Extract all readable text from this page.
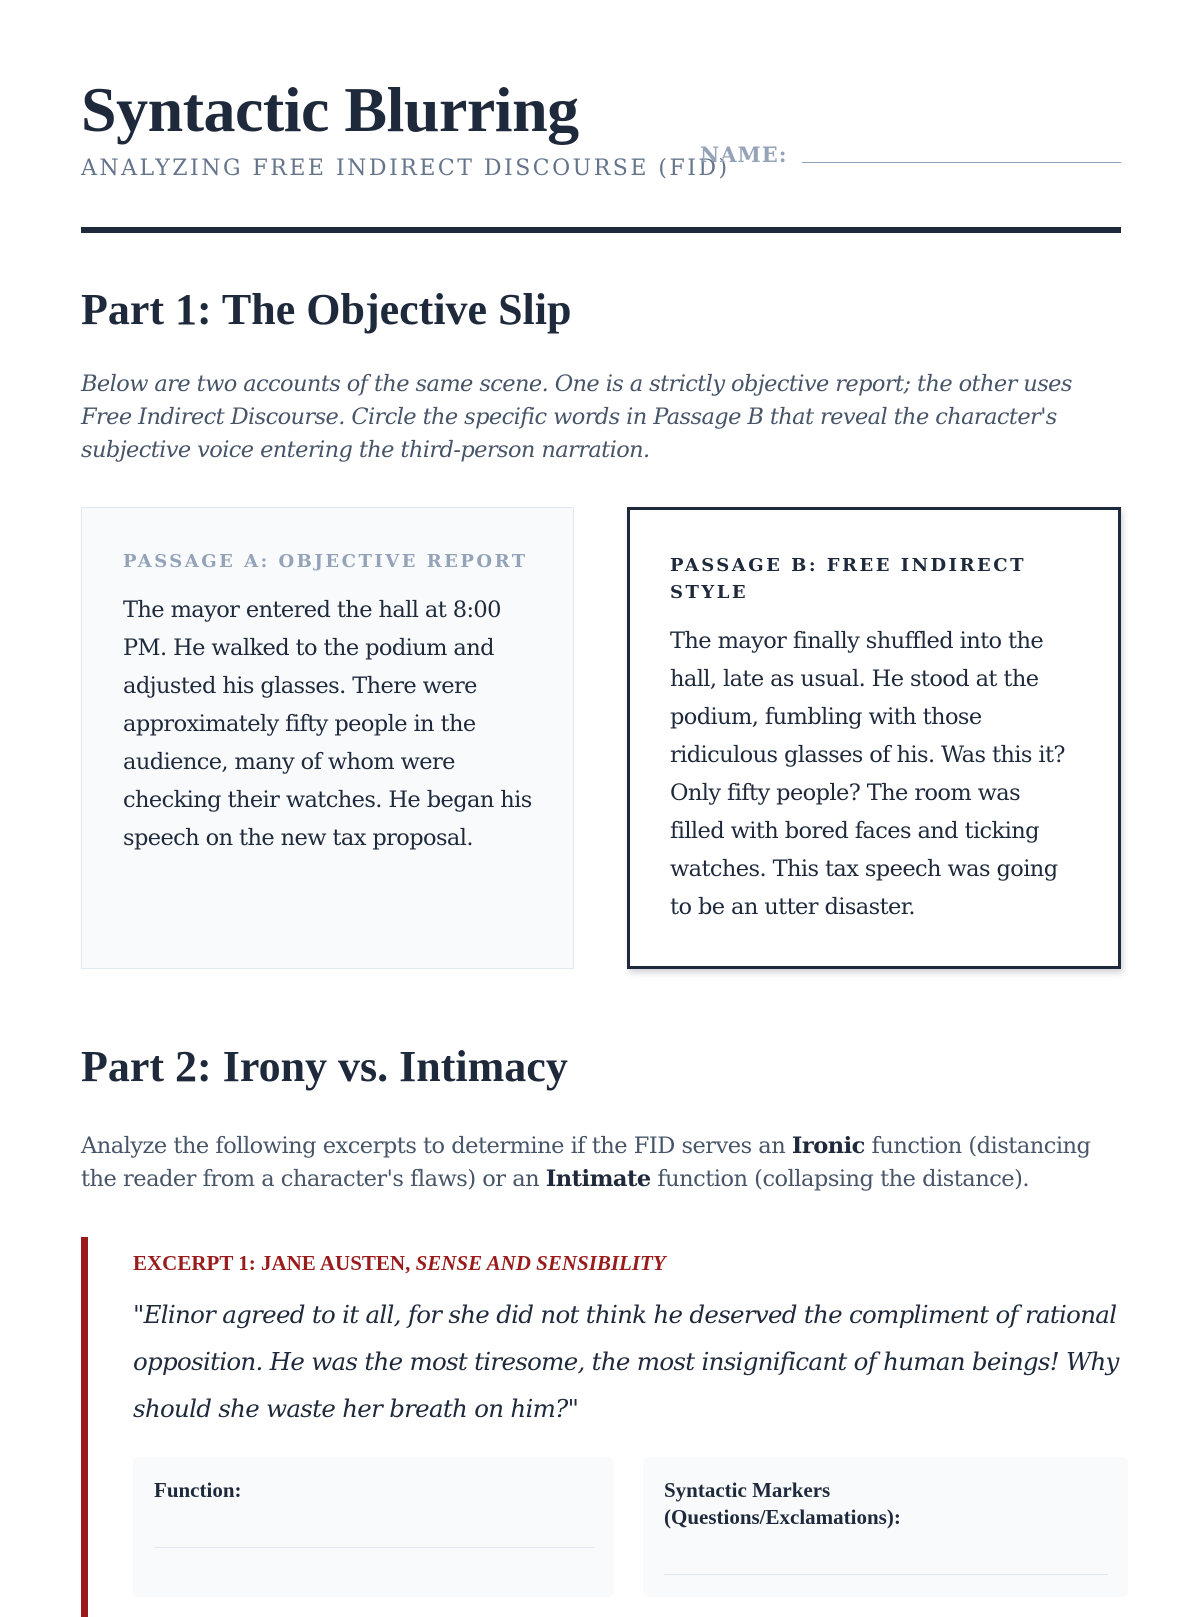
Syntactic Blurring
ANALYZING FREE INDIRECT DISCOURSE (FID)
NAME:
Part 1: The Objective Slip

Below are two accounts of the same scene. One is a strictly objective report; the other uses Free Indirect Discourse. Circle the specific words in Passage B that reveal the character's subjective voice entering the third-person narration.

PASSAGE A: OBJECTIVE REPORT

The mayor entered the hall at 8:00 PM. He walked to the podium and adjusted his glasses. There were approximately fifty people in the audience, many of whom were checking their watches. He began his speech on the new tax proposal.

PASSAGE B: FREE INDIRECT STYLE

The mayor finally shuffled into the hall, late as usual. He stood at the podium, fumbling with those ridiculous glasses of his. Was this it? Only fifty people? The room was filled with bored faces and ticking watches. This tax speech was going to be an utter disaster.

Part 2: Irony vs. Intimacy

Analyze the following excerpts to determine if the FID serves an Ironic function (distancing the reader from a character's flaws) or an Intimate function (collapsing the distance).

EXCERPT 1: JANE AUSTEN, SENSE AND SENSIBILITY

"Elinor agreed to it all, for she did not think he deserved the compliment of rational opposition. He was the most tiresome, the most insignificant of human beings! Why should she waste her breath on him?"

Function:	Syntactic Markers (Questions/Exclamations):
